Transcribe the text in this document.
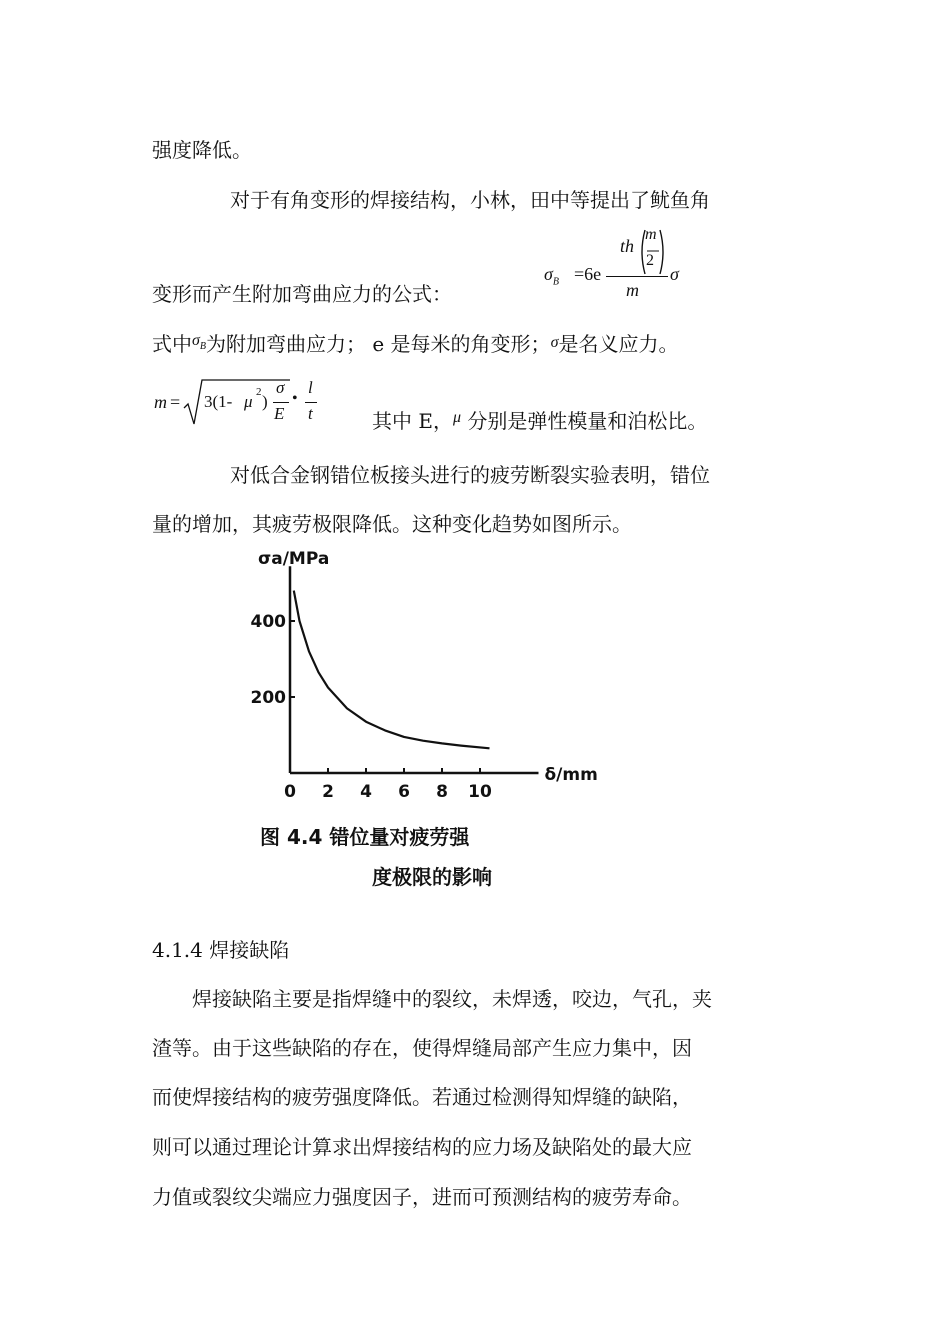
强度降低。
对于有角变形的焊接结构，小林，田中等提出了鱿鱼角
变形而产生附加弯曲应力的公式：
$\sigma_B =6e$
th
m
2
m
σ
式中$^{\sigma_B}$为附加弯曲应力； e 是每米的角变形；$^\sigma$是名义应力。
m = 3(1- μ 2 )
σ
E
•
l
t	其中 E，$^\mu$ 分别是弹性模量和泊松比。
对低合金钢错位板接头进行的疲劳断裂实验表明，错位
量的增加，其疲劳极限降低。这种变化趋势如图所示。
σa/MPa
δ/mm
0 2 4 6 8 10
200
400
图 4.4 错位量对疲劳强
度极限的影响
4.1.4 焊接缺陷
焊接缺陷主要是指焊缝中的裂纹，未焊透，咬边，气孔，夹
渣等。由于这些缺陷的存在，使得焊缝局部产生应力集中，因
而使焊接结构的疲劳强度降低。若通过检测得知焊缝的缺陷，
则可以通过理论计算求出焊接结构的应力场及缺陷处的最大应
力值或裂纹尖端应力强度因子，进而可预测结构的疲劳寿命。
